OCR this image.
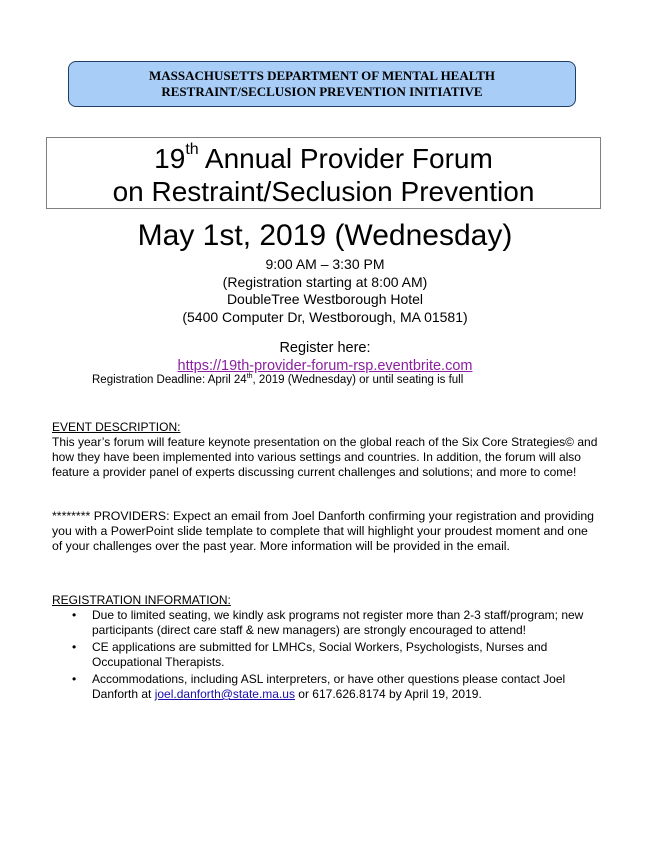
MASSACHUSETTS DEPARTMENT OF MENTAL HEALTH
RESTRAINT/SECLUSION PREVENTION INITIATIVE
19th Annual Provider Forum
on Restraint/Seclusion Prevention
May 1st, 2019 (Wednesday)
9:00 AM – 3:30 PM
(Registration starting at 8:00 AM)
DoubleTree Westborough Hotel
(5400 Computer Dr, Westborough, MA 01581)
Register here:
https://19th-provider-forum-rsp.eventbrite.com
Registration Deadline: April 24th, 2019 (Wednesday) or until seating is full
EVENT DESCRIPTION:
This year’s forum will feature keynote presentation on the global reach of the Six Core Strategies© and how they have been implemented into various settings and countries. In addition, the forum will also feature a provider panel of experts discussing current challenges and solutions; and more to come!
******** PROVIDERS: Expect an email from Joel Danforth confirming your registration and providing you with a PowerPoint slide template to complete that will highlight your proudest moment and one of your challenges over the past year. More information will be provided in the email.
REGISTRATION INFORMATION:
• Due to limited seating, we kindly ask programs not register more than 2-3 staff/program; new participants (direct care staff & new managers) are strongly encouraged to attend!
• CE applications are submitted for LMHCs, Social Workers, Psychologists, Nurses and Occupational Therapists.
• Accommodations, including ASL interpreters, or have other questions please contact Joel Danforth at joel.danforth@state.ma.us or 617.626.8174 by April 19, 2019.
